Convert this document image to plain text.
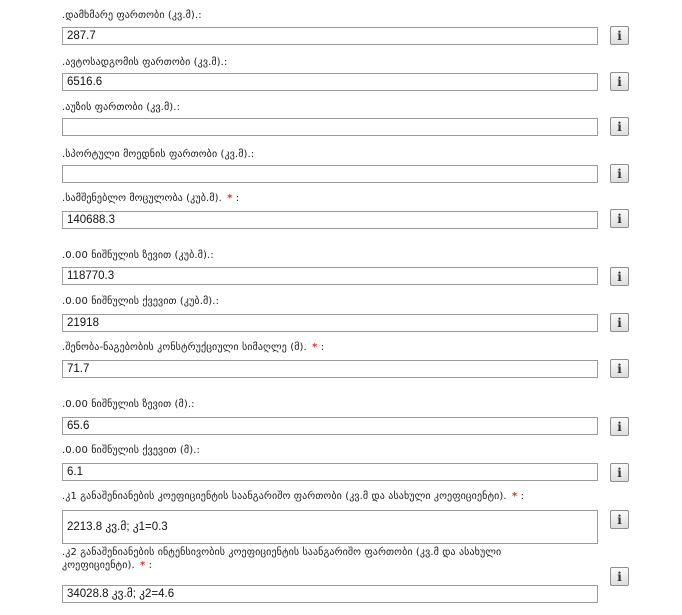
.დამხმარე ფართობი (კვ.მ).:
287.7	i
.ავტოსადგომის ფართობი (კვ.მ).:
6516.6	i
.აუზის ფართობი (კვ.მ).:
i
.სპორტული მოედნის ფართობი (კვ.მ).:
i
.სამშენებლო მოცულობა (კუბ.მ). * :
140688.3	i
.0.00 ნიშნულის ზევით (კუბ.მ).:
118770.3	i
.0.00 ნიშნულის ქვევით (კუბ.მ).:
21918	i
.შენობა-ნაგებობის კონსტრუქციული სიმაღლე (მ). * :
71.7	i
.0.00 ნიშნულის ზევით (მ).:
65.6	i
.0.00 ნიშნულის ქვევით (მ).:
6.1	i
.კ1 განაშენიანების კოეფიციენტის საანგარიშო ფართობი (კვ.მ და ასახული კოეფიციენტი). * :
2213.8 კვ.მ; კ1=0.3
i
.კ2 განაშენიანების ინტენსივობის კოეფიციენტის საანგარიშო ფართობი (კვ.მ და ასახული კოეფიციენტი). * :
34028.8 კვ.მ; კ2=4.6
i
